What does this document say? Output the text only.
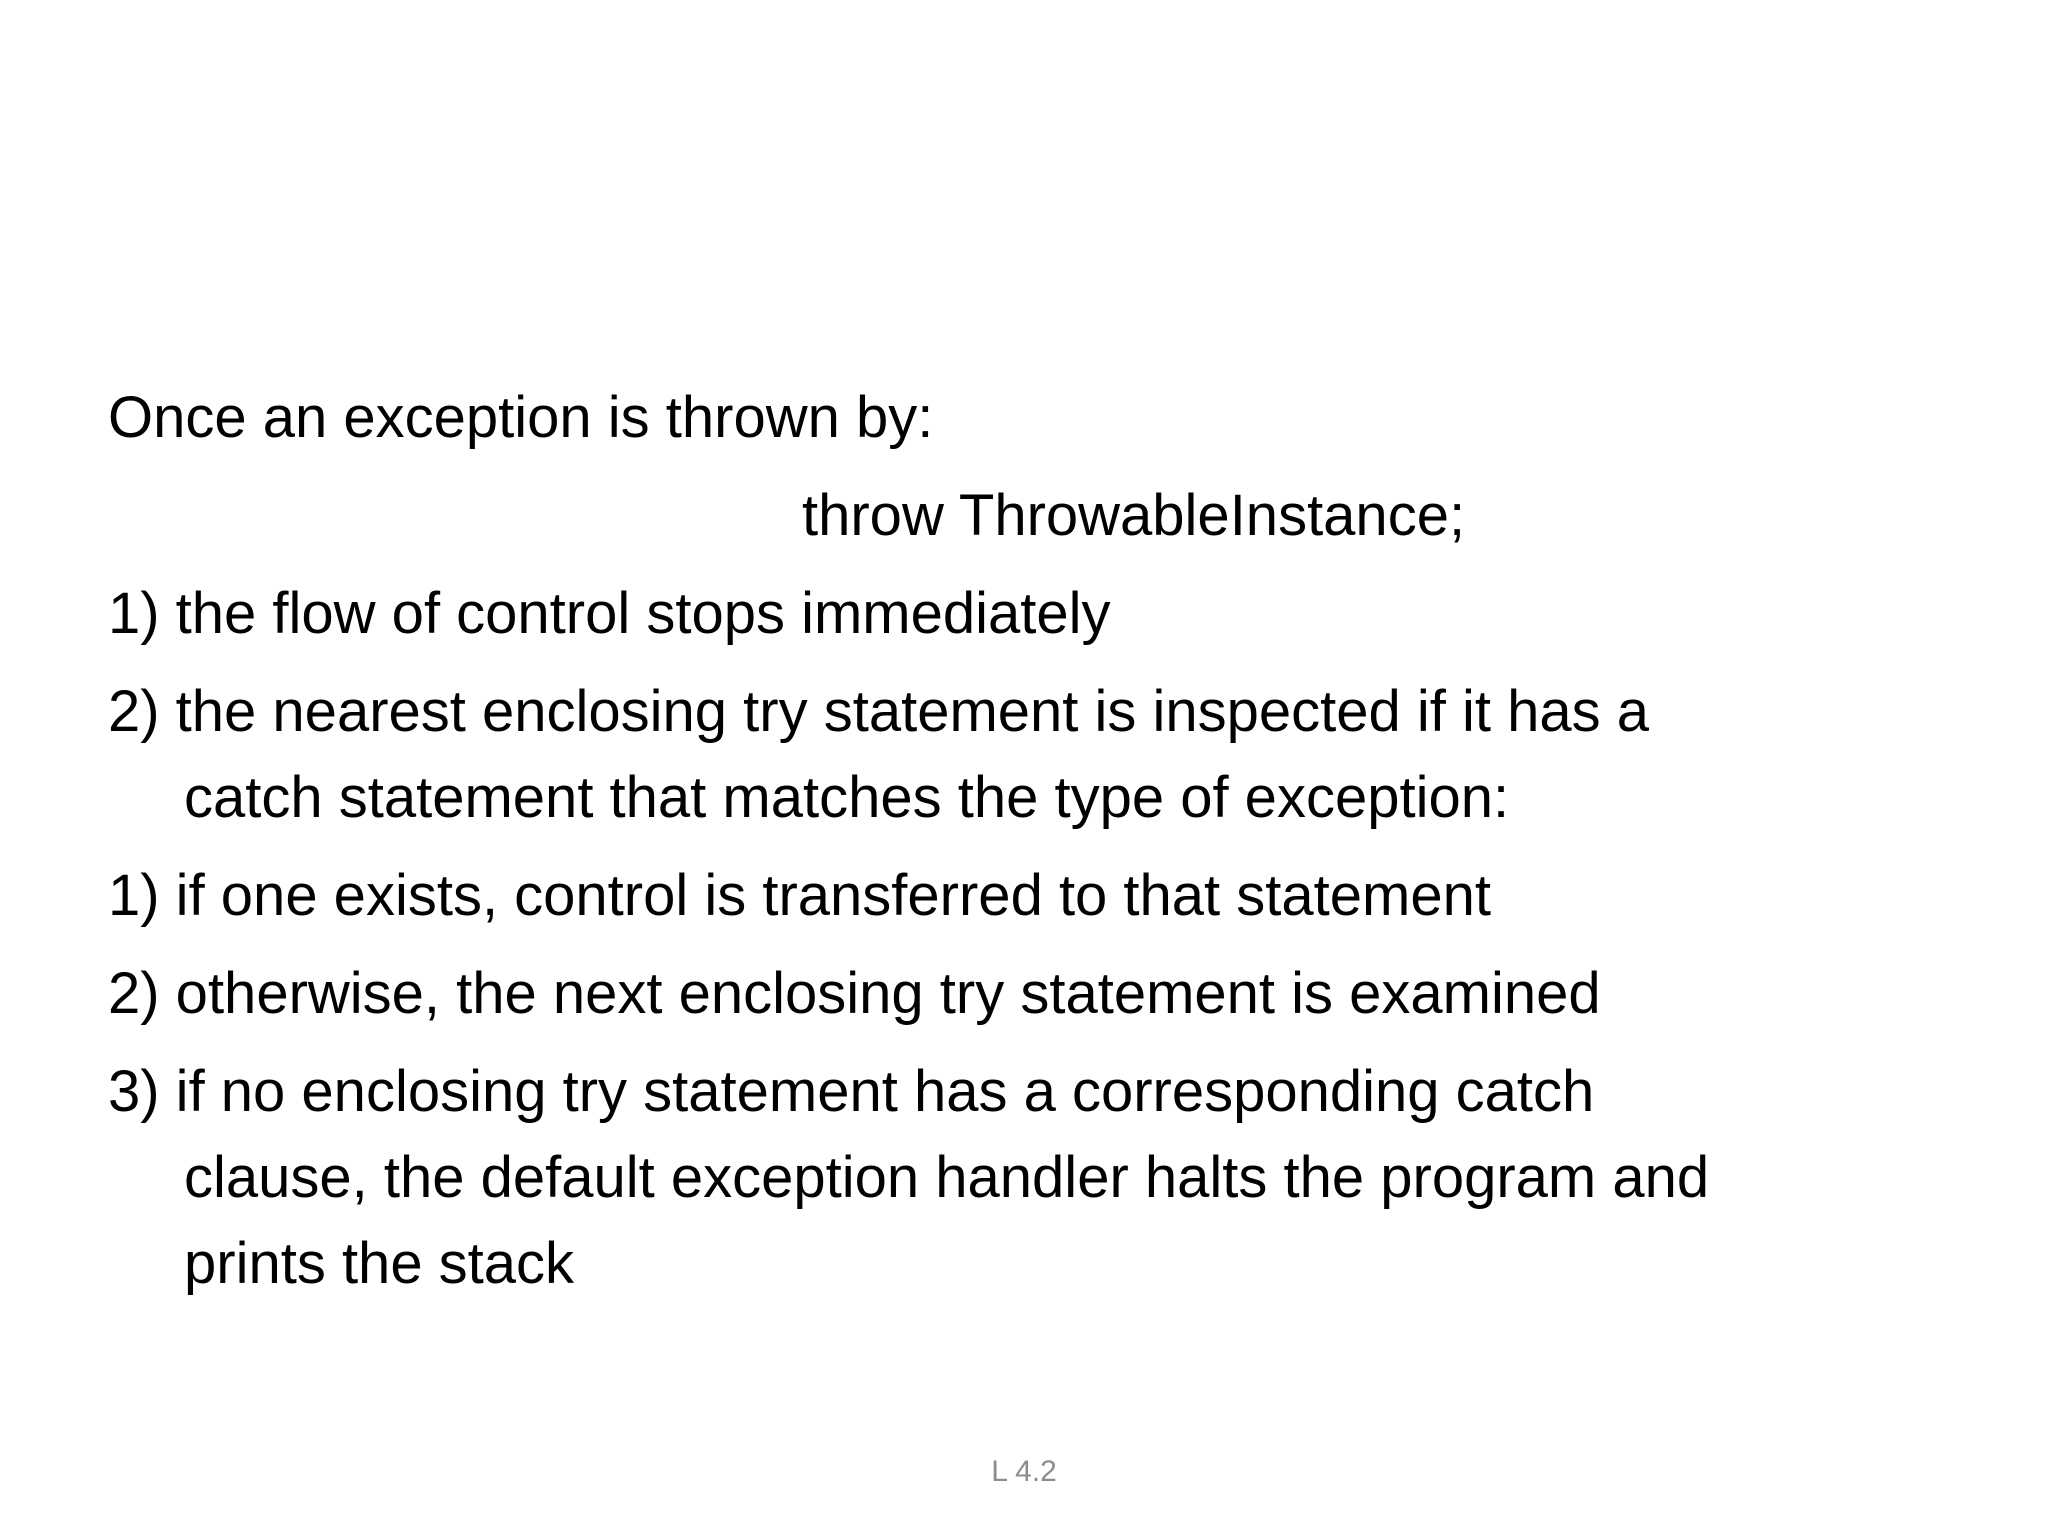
Once an exception is thrown by:
throw ThrowableInstance;
1) the flow of control stops immediately
2) the nearest enclosing try statement is inspected if it has a
catch statement that matches the type of exception:
1) if one exists, control is transferred to that statement
2) otherwise, the next enclosing try statement is examined
3) if no enclosing try statement has a corresponding catch
clause, the default exception handler halts the program and
prints the stack
L 4.2
